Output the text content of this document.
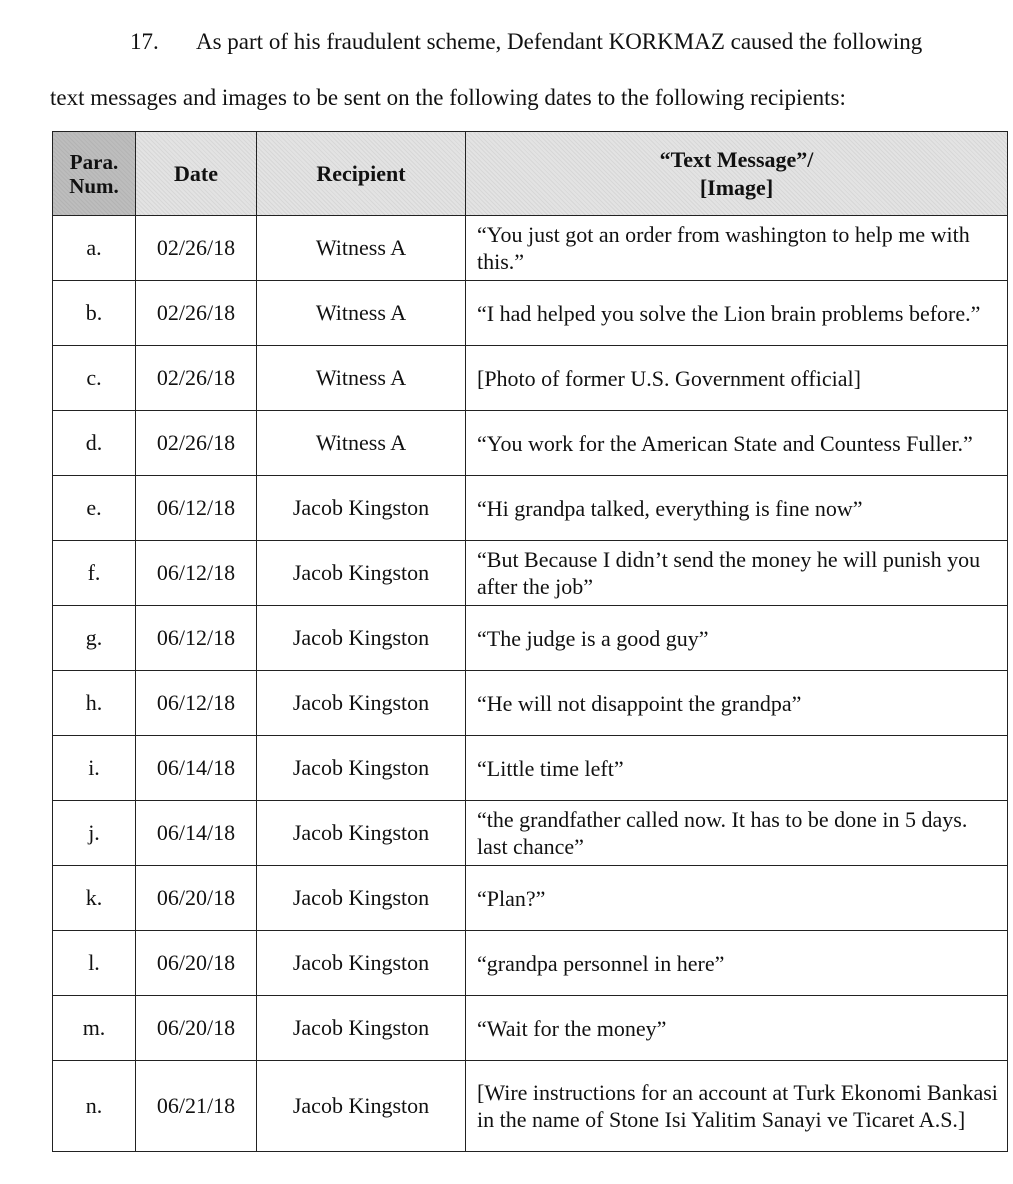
17. As part of his fraudulent scheme, Defendant KORKMAZ caused the following
text messages and images to be sent on the following dates to the following recipients:
Para.
Num.	Date	Recipient	“Text Message”/
[Image]
a.	02/26/18	Witness A	“You just got an order from washington to help me with this.”
b.	02/26/18	Witness A	“I had helped you solve the Lion brain problems before.”
c.	02/26/18	Witness A	[Photo of former U.S. Government official]
d.	02/26/18	Witness A	“You work for the American State and Countess Fuller.”
e.	06/12/18	Jacob Kingston	“Hi grandpa talked, everything is fine now”
f.	06/12/18	Jacob Kingston	“But Because I didn’t send the money he will punish you after the job”
g.	06/12/18	Jacob Kingston	“The judge is a good guy”
h.	06/12/18	Jacob Kingston	“He will not disappoint the grandpa”
i.	06/14/18	Jacob Kingston	“Little time left”
j.	06/14/18	Jacob Kingston	“the grandfather called now. It has to be done in 5 days. last chance”
k.	06/20/18	Jacob Kingston	“Plan?”
l.	06/20/18	Jacob Kingston	“grandpa personnel in here”
m.	06/20/18	Jacob Kingston	“Wait for the money”
n.	06/21/18	Jacob Kingston	[Wire instructions for an account at Turk Ekonomi Bankasi in the name of Stone Isi Yalitim Sanayi ve Ticaret A.S.]
